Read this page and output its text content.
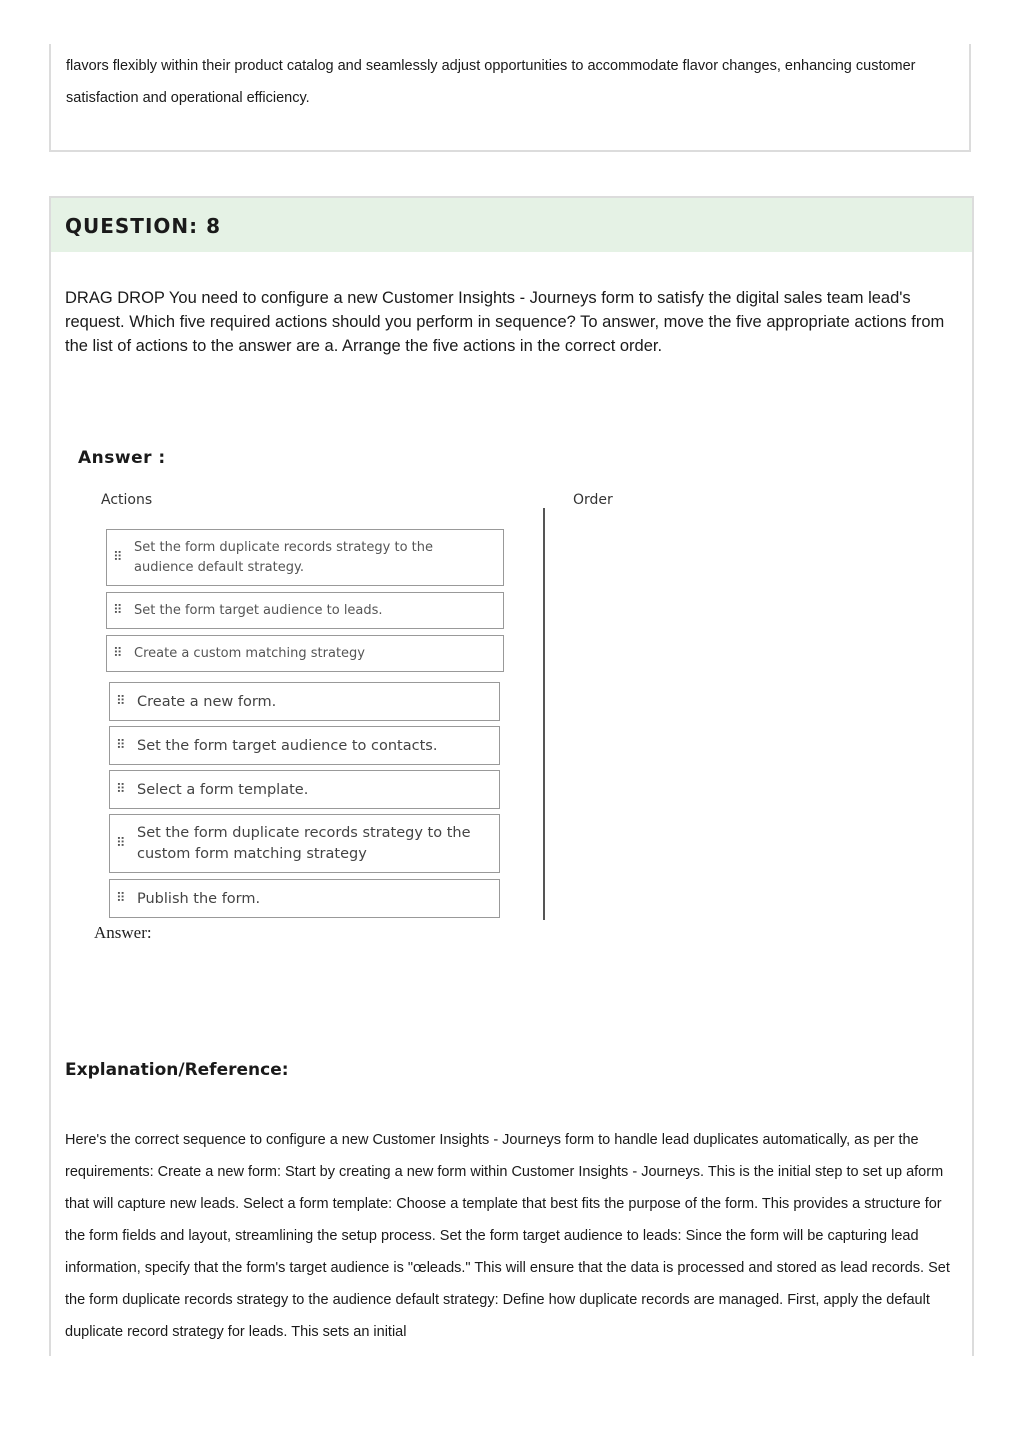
flavors flexibly within their product catalog and seamlessly adjust opportunities to accommodate flavor changes, enhancing customer satisfaction and operational efficiency.

QUESTION: 8

DRAG DROP You need to configure a new Customer Insights - Journeys form to satisfy the digital sales team lead's request. Which five required actions should you perform in sequence? To answer, move the five appropriate actions from the list of actions to the answer are a. Arrange the five actions in the correct order.

Answer :

Actions	Order
⠿
Set the form duplicate records strategy to the audience default strategy.
⠿ Set the form target audience to leads.
⠿ Create a custom matching strategy
⠿ Create a new form.
⠿ Set the form target audience to contacts.
⠿ Select a form template.
⠿
Set the form duplicate records strategy to the custom form matching strategy
⠿ Publish the form.

Answer:

Explanation/Reference:

Here's the correct sequence to configure a new Customer Insights - Journeys form to handle lead duplicates automatically, as per the requirements: Create a new form: Start by creating a new form within Customer Insights - Journeys. This is the initial step to set up aform that will capture new leads. Select a form template: Choose a template that best fits the purpose of the form. This provides a structure for the form fields and layout, streamlining the setup process. Set the form target audience to leads: Since the form will be capturing lead information, specify that the form's target audience is "œleads." This will ensure that the data is processed and stored as lead records. Set the form duplicate records strategy to the audience default strategy: Define how duplicate records are managed. First, apply the default duplicate record strategy for leads. This sets an initial
